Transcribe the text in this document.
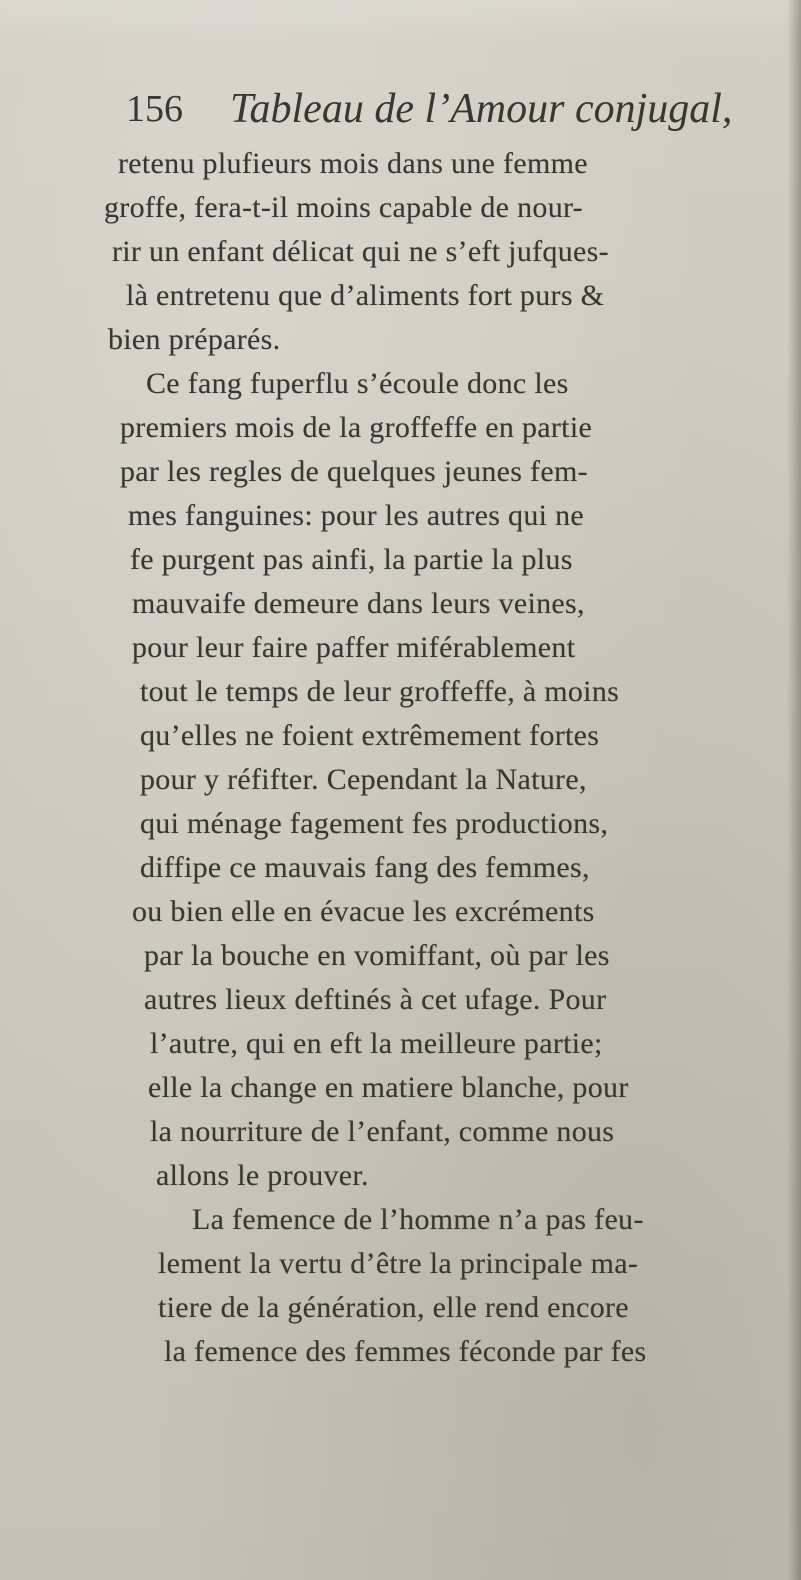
156 Tableau de l’Amour conjugal,
retenu plufieurs mois dans une femme
groffe, fera-t-il moins capable de nour-
rir un enfant délicat qui ne s’eft jufques-
là entretenu que d’aliments fort purs &
bien préparés.
Ce fang fuperflu s’écoule donc les
premiers mois de la groffeffe en partie
par les regles de quelques jeunes fem-
mes fanguines: pour les autres qui ne
fe purgent pas ainfi, la partie la plus
mauvaife demeure dans leurs veines,
pour leur faire paffer miférablement
tout le temps de leur groffeffe, à moins
qu’elles ne foient extrêmement fortes
pour y réfifter. Cependant la Nature,
qui ménage fagement fes productions,
diffipe ce mauvais fang des femmes,
ou bien elle en évacue les excréments
par la bouche en vomiffant, où par les
autres lieux deftinés à cet ufage. Pour
l’autre, qui en eft la meilleure partie;
elle la change en matiere blanche, pour
la nourriture de l’enfant, comme nous
allons le prouver.
La femence de l’homme n’a pas feu-
lement la vertu d’être la principale ma-
tiere de la génération, elle rend encore
la femence des femmes féconde par fes
